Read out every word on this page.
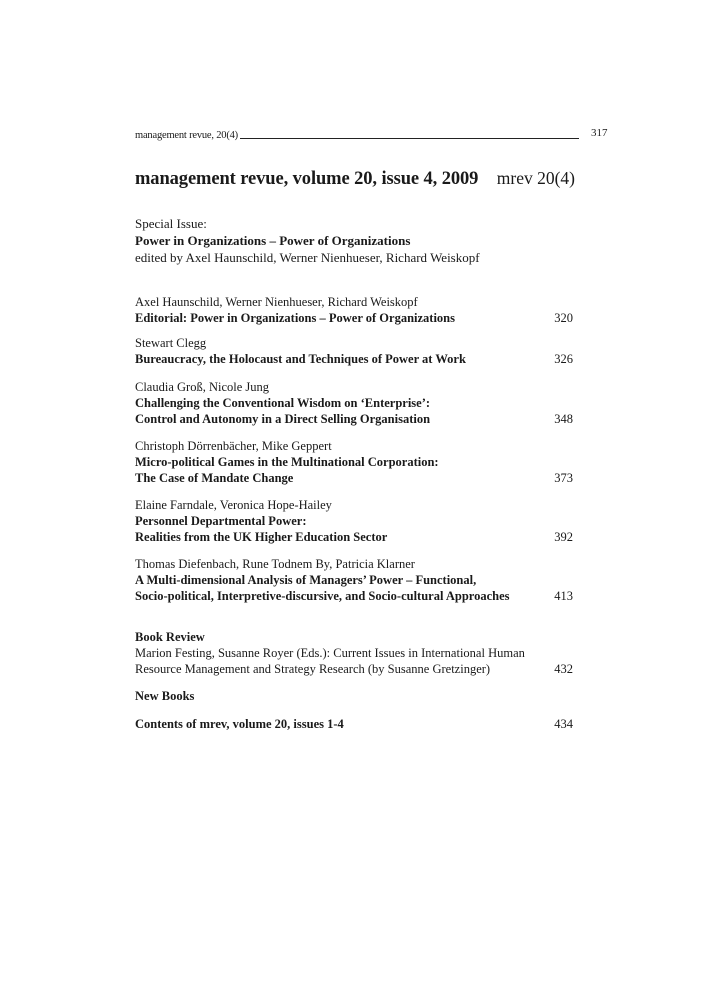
management revue, 20(4)	317
management revue, volume 20, issue 4, 2009 mrev 20(4)
Special Issue:
Power in Organizations – Power of Organizations
edited by Axel Haunschild, Werner Nienhueser, Richard Weiskopf
Axel Haunschild, Werner Nienhueser, Richard Weiskopf
Editorial: Power in Organizations – Power of Organizations	320
Stewart Clegg
Bureaucracy, the Holocaust and Techniques of Power at Work	326
Claudia Groß, Nicole Jung
Challenging the Conventional Wisdom on ‘Enterprise’:
Control and Autonomy in a Direct Selling Organisation	348
Christoph Dörrenbächer, Mike Geppert
Micro-political Games in the Multinational Corporation:
The Case of Mandate Change	373
Elaine Farndale, Veronica Hope-Hailey
Personnel Departmental Power:
Realities from the UK Higher Education Sector	392
Thomas Diefenbach, Rune Todnem By, Patricia Klarner
A Multi-dimensional Analysis of Managers’ Power – Functional,
Socio-political, Interpretive-discursive, and Socio-cultural Approaches	413
Book Review
Marion Festing, Susanne Royer (Eds.): Current Issues in International Human
Resource Management and Strategy Research (by Susanne Gretzinger)	432
New Books
Contents of mrev, volume 20, issues 1-4	434
